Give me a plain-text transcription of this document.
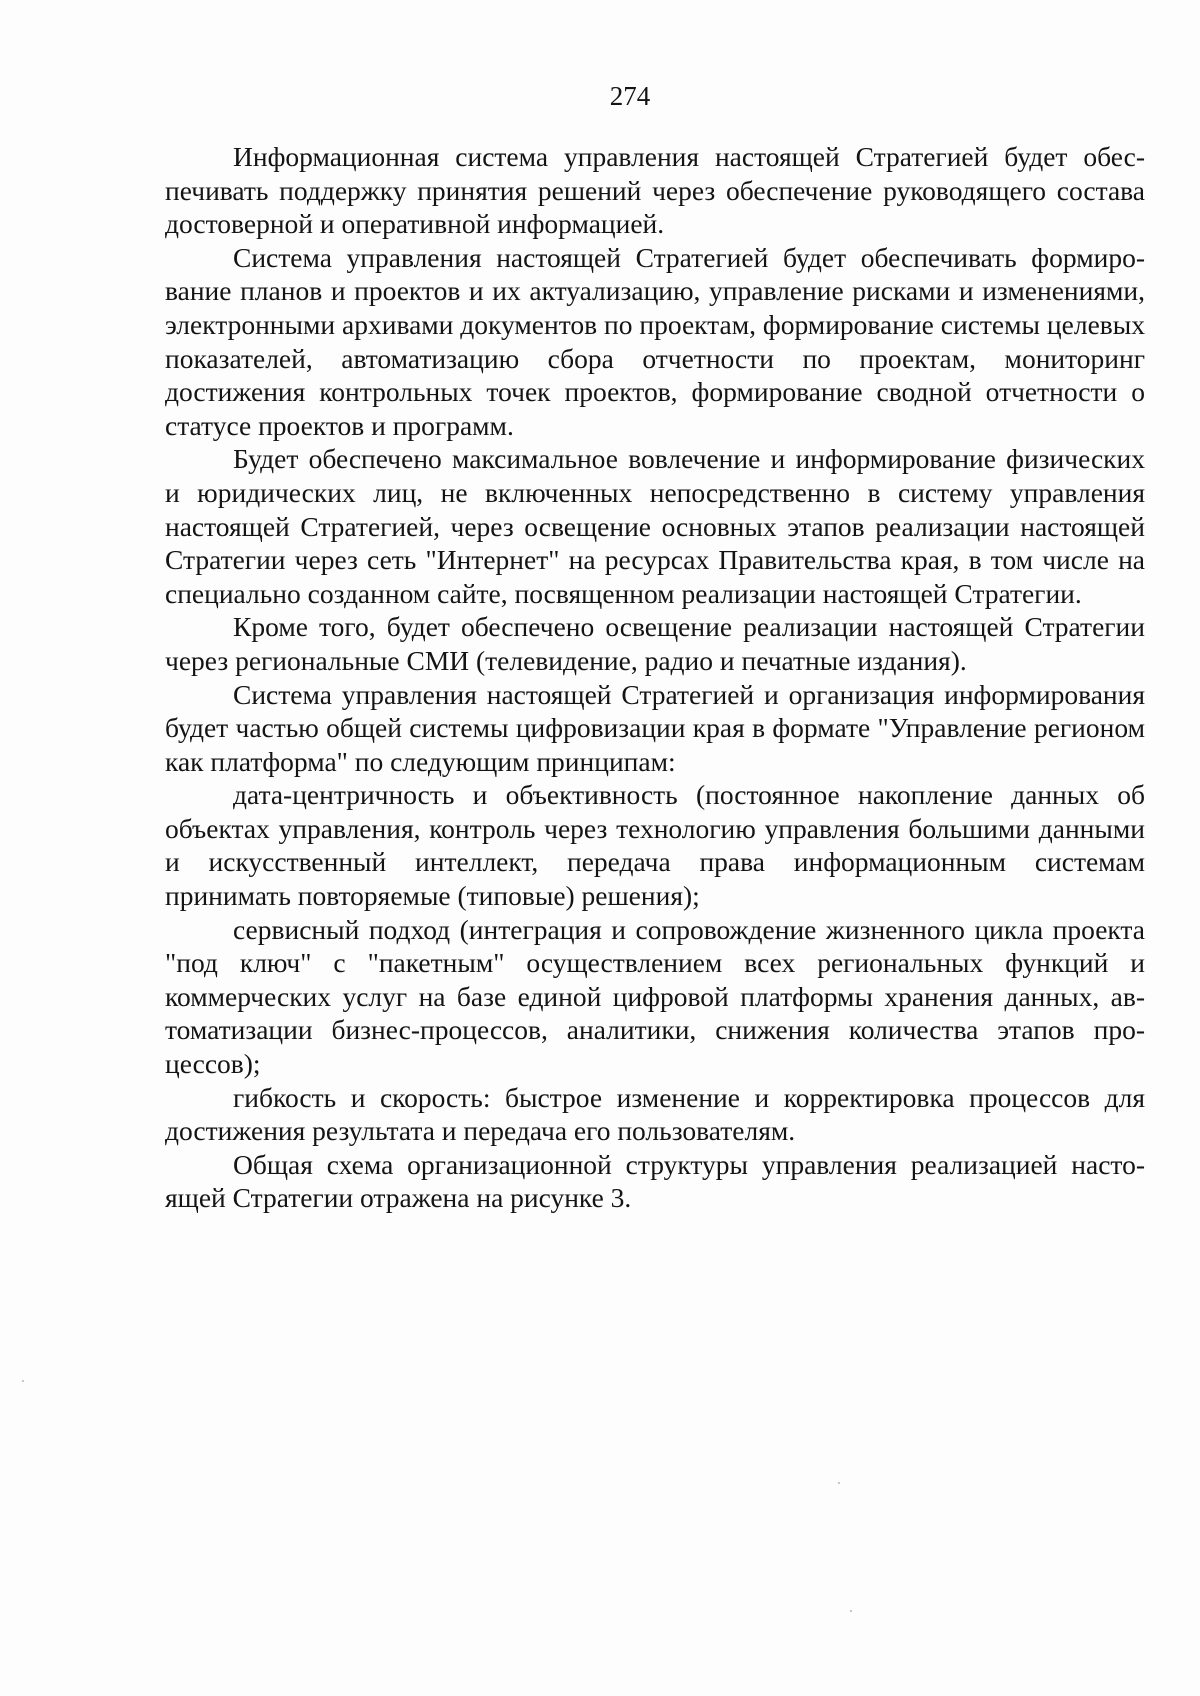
274

Информационная система управления настоящей Стратегией будет обеспечивать поддержку принятия решений через обеспечение руководящего состава достоверной и оперативной информацией.

Система управления настоящей Стратегией будет обеспечивать формирование планов и проектов и их актуализацию, управление рисками и изменениями, электронными архивами документов по проектам, формирование системы целевых показателей, автоматизацию сбора отчетности по проектам, мониторинг достижения контрольных точек проектов, формирование сводной отчетности о статусе проектов и программ.

Будет обеспечено максимальное вовлечение и информирование физических и юридических лиц, не включенных непосредственно в систему управления настоящей Стратегией, через освещение основных этапов реализации настоящей Стратегии через сеть "Интернет" на ресурсах Правительства края, в том числе на специально созданном сайте, посвященном реализации настоящей Стратегии.

Кроме того, будет обеспечено освещение реализации настоящей Стратегии через региональные СМИ (телевидение, радио и печатные издания).

Система управления настоящей Стратегией и организация информирования будет частью общей системы цифровизации края в формате "Управление регионом как платформа" по следующим принципам:

дата-центричность и объективность (постоянное накопление данных об объектах управления, контроль через технологию управления большими данными и искусственный интеллект, передача права информационным системам принимать повторяемые (типовые) решения);

сервисный подход (интеграция и сопровождение жизненного цикла проекта "под ключ" с "пакетным" осуществлением всех региональных функций и коммерческих услуг на базе единой цифровой платформы хранения данных, автоматизации бизнес-процессов, аналитики, снижения количества этапов процессов);

гибкость и скорость: быстрое изменение и корректировка процессов для достижения результата и передача его пользователям.

Общая схема организационной структуры управления реализацией настоящей Стратегии отражена на рисунке 3.
